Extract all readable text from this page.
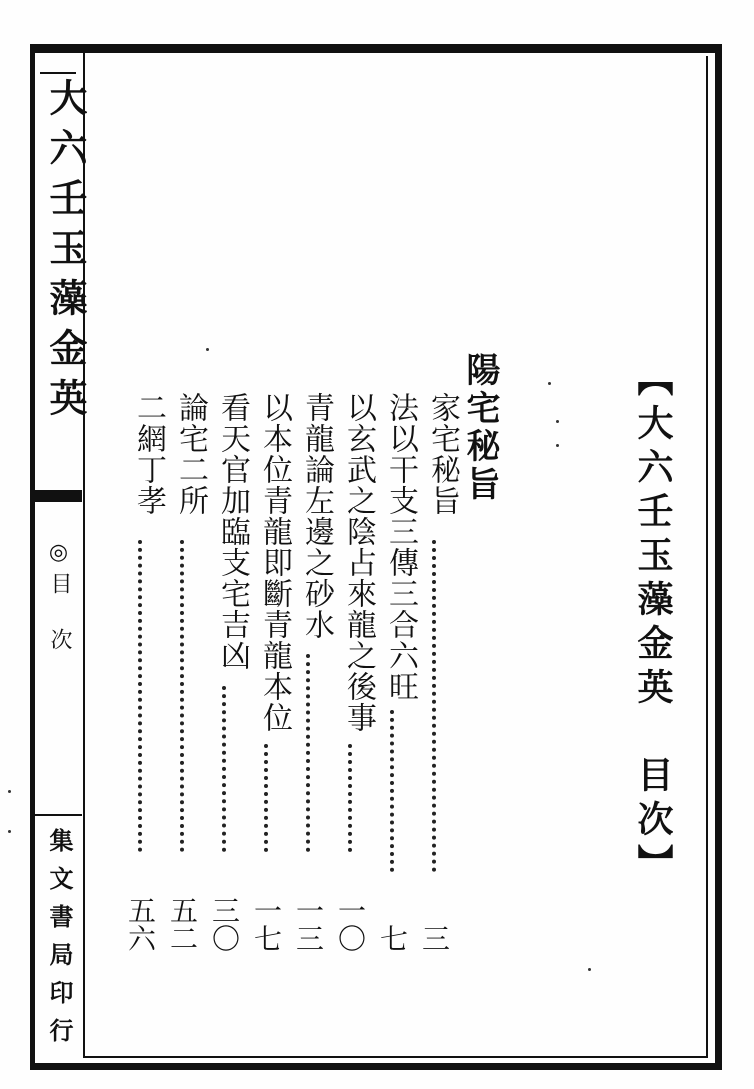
大六壬玉藻金英
◎
目次
集文書局印行
【大六壬玉藻金英　目次】
陽宅秘旨
家宅秘旨
三
法以干支三傳三合六旺
七
以玄武之陰占來龍之後事
一〇
青龍論左邊之砂水
一三
以本位青龍即斷青龍本位
一七
看天官加臨支宅吉凶
三〇
論宅二所
五二
二網丁孝
五六
